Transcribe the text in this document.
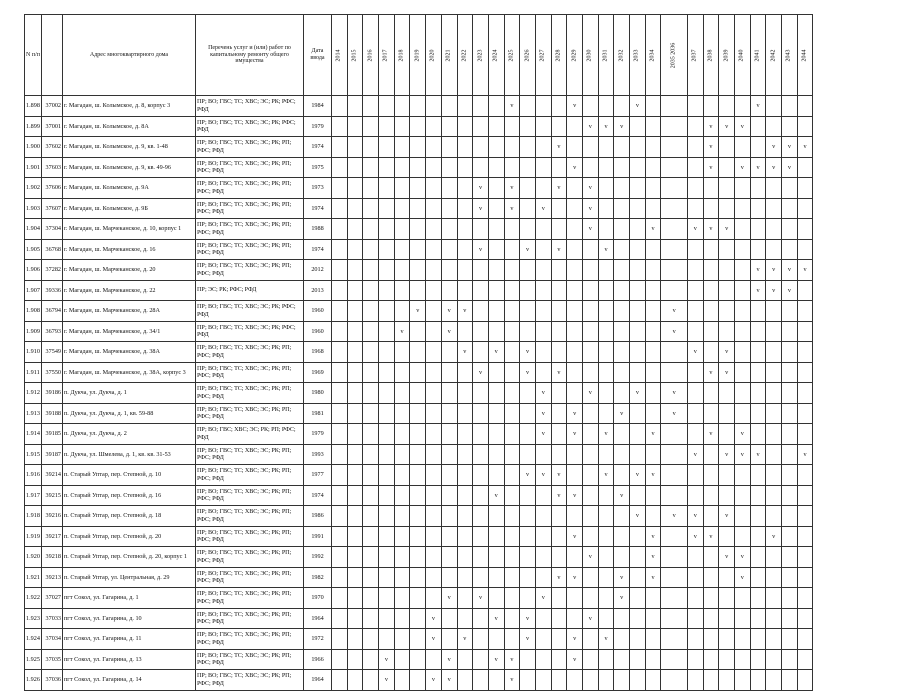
N п/п		Адрес многоквартирного дома	Перечень услуг и (или) работ по капитальному ремонту общего имущества	Дата ввода	2014	2015	2016	2017	2018	2019	2020	2021	2022	2023	2024	2025	2026	2027	2028	2029	2030	2031	2032	2033	2034	2035 2036	2037	2038	2039	2040	2041	2042	2043	2044
1.898	37002	г. Магадан, ш. Колымское, д. 8, корпус 3	ПР; ВО; ГВС; ТС; ХВС; ЭС; РК; РФС; РФД	1984												v				v				v							v			
1.899	37001	г. Магадан, ш. Колымское, д. 8А	ПР; ВО; ГВС; ТС; ХВС; ЭС; РК; РФС; РФД	1979																	v	v	v					v	v	v				
1.900	37602	г. Магадан, ш. Колымское, д. 9, кв. 1-48	ПР; ВО; ГВС; ТС; ХВС; ЭС; РК; РП; РФС; РФД	1974															v									v				v	v	v
1.901	37603	г. Магадан, ш. Колымское, д. 9, кв. 49-96	ПР; ВО; ГВС; ТС; ХВС; ЭС; РК; РП; РФС; РФД	1975																v								v		v	v	v	v	
1.902	37606	г. Магадан, ш. Колымское, д. 9А	ПР; ВО; ГВС; ТС; ХВС; ЭС; РК; РП; РФС; РФД	1973										v		v			v		v													
1.903	37607	г. Магадан, ш. Колымское, д. 9Б	ПР; ВО; ГВС; ТС; ХВС; ЭС; РК; РП; РФС; РФД	1974										v		v		v			v													
1.904	37304	г. Магадан, ш. Марчеканское, д. 10, корпус 1	ПР; ВО; ГВС; ТС; ХВС; ЭС; РК; РП; РФС; РФД	1988																	v				v		v	v	v					
1.905	36768	г. Магадан, ш. Марчеканское, д. 16	ПР; ВО; ГВС; ТС; ХВС; ЭС; РК; РП; РФС; РФД	1974										v			v		v			v												
1.906	37282	г. Магадан, ш. Марчеканское, д. 20	ПР; ВО; ГВС; ТС; ХВС; ЭС; РК; РП; РФС; РФД	2012																											v	v	v	v
1.907	39336	г. Магадан, ш. Марчеканское, д. 22	ПР; ЭС; РК; РФС; РФД	2013																											v	v	v	
1.908	36794	г. Магадан, ш. Марчеканское, д. 28А	ПР; ВО; ГВС; ТС; ХВС; ЭС; РК; РФС; РФД	1960						v		v	v													v								
1.909	36793	г. Магадан, ш. Марчеканское, д. 34/1	ПР; ВО; ГВС; ТС; ХВС; ЭС; РК; РФС; РФД	1960					v			v														v								
1.910	37549	г. Магадан, ш. Марчеканское, д. 38А	ПР; ВО; ГВС; ТС; ХВС; ЭС; РК; РП; РФС; РФД	1968									v		v		v										v		v					
1.911	37550	г. Магадан, ш. Марчеканское, д. 38А, корпус 3	ПР; ВО; ГВС; ТС; ХВС; ЭС; РК; РП; РФС; РФД	1969										v			v		v									v	v					
1.912	39186	п. Дукча, ул. Дукча, д. 1	ПР; ВО; ГВС; ТС; ХВС; ЭС; РК; РП; РФС; РФД	1980														v			v			v		v								
1.913	39188	п. Дукча, ул. Дукча, д. 1, кв. 59-88	ПР; ВО; ГВС; ТС; ХВС; ЭС; РК; РП; РФС; РФД	1981														v		v			v			v								
1.914	39185	п. Дукча, ул. Дукча, д. 2	ПР; ВО; ГВС; ХВС; ЭС; РК; РП; РФС; РФД	1979														v		v		v			v			v		v				
1.915	39187	п. Дукча, ул. Шмелева, д. 1, кв. кв. 31-53	ПР; ВО; ГВС; ТС; ХВС; ЭС; РК; РП; РФС; РФД	1993																							v		v	v	v			v
1.916	39214	п. Старый Уптар, пер. Степной, д. 10	ПР; ВО; ГВС; ТС; ХВС; ЭС; РК; РП; РФС; РФД	1977													v	v	v			v		v	v									
1.917	39215	п. Старый Уптар, пер. Степной, д. 16	ПР; ВО; ГВС; ТС; ХВС; ЭС; РК; РП; РФС; РФД	1974											v				v	v			v											
1.918	39216	п. Старый Уптар, пер. Степной, д. 18	ПР; ВО; ГВС; ТС; ХВС; ЭС; РК; РП; РФС; РФД	1986																				v		v	v		v					
1.919	39217	п. Старый Уптар, пер. Степной, д. 20	ПР; ВО; ГВС; ТС; ХВС; ЭС; РК; РП; РФС; РФД	1991																v					v		v	v				v		
1.920	39218	п. Старый Уптар, пер. Степной, д. 20, корпус 1	ПР; ВО; ГВС; ТС; ХВС; ЭС; РК; РП; РФС; РФД	1992																	v				v				v	v				
1.921	39213	п. Старый Уптар, ул. Центральная, д. 29	ПР; ВО; ГВС; ТС; ХВС; ЭС; РК; РП; РФС; РФД	1982															v	v			v		v					v				
1.922	37027	пгт Сокол, ул. Гагарина, д. 1	ПР; ВО; ГВС; ТС; ХВС; ЭС; РК; РП; РФС; РФД	1970								v		v				v					v											
1.923	37033	пгт Сокол, ул. Гагарина, д. 10	ПР; ВО; ГВС; ТС; ХВС; ЭС; РК; РП; РФС; РФД	1964							v				v		v				v													
1.924	37034	пгт Сокол, ул. Гагарина, д. 11	ПР; ВО; ГВС; ТС; ХВС; ЭС; РК; РП; РФС; РФД	1972							v		v				v			v		v												
1.925	37035	пгт Сокол, ул. Гагарина, д. 13	ПР; ВО; ГВС; ТС; ХВС; ЭС; РК; РП; РФС; РФД	1966				v				v			v	v				v														
1.926	37036	пгт Сокол, ул. Гагарина, д. 14	ПР; ВО; ГВС; ТС; ХВС; ЭС; РК; РП; РФС; РФД	1964				v			v	v				v																		
